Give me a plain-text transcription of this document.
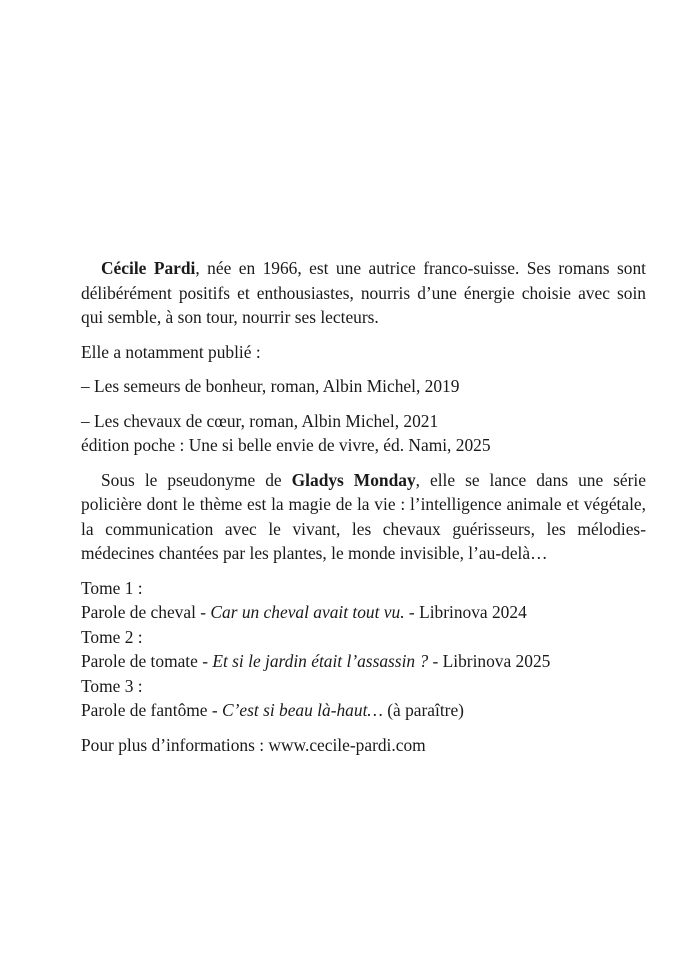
Cécile Pardi, née en 1966, est une autrice franco-suisse. Ses romans sont délibérément positifs et enthousiastes, nourris d’une énergie choisie avec soin qui semble, à son tour, nourrir ses lecteurs.

Elle a notamment publié :

– Les semeurs de bonheur, roman, Albin Michel, 2019

– Les chevaux de cœur, roman, Albin Michel, 2021

édition poche : Une si belle envie de vivre, éd. Nami, 2025

Sous le pseudonyme de Gladys Monday, elle se lance dans une série policière dont le thème est la magie de la vie : l’intelligence animale et végétale, la communication avec le vivant, les chevaux guérisseurs, les mélodies-médecines chantées par les plantes, le monde invisible, l’au-delà…

Tome 1 :

Parole de cheval - Car un cheval avait tout vu. - Librinova 2024

Tome 2 :

Parole de tomate - Et si le jardin était l’assassin ? - Librinova 2025

Tome 3 :

Parole de fantôme - C’est si beau là-haut… (à paraître)

Pour plus d’informations : www.cecile-pardi.com
